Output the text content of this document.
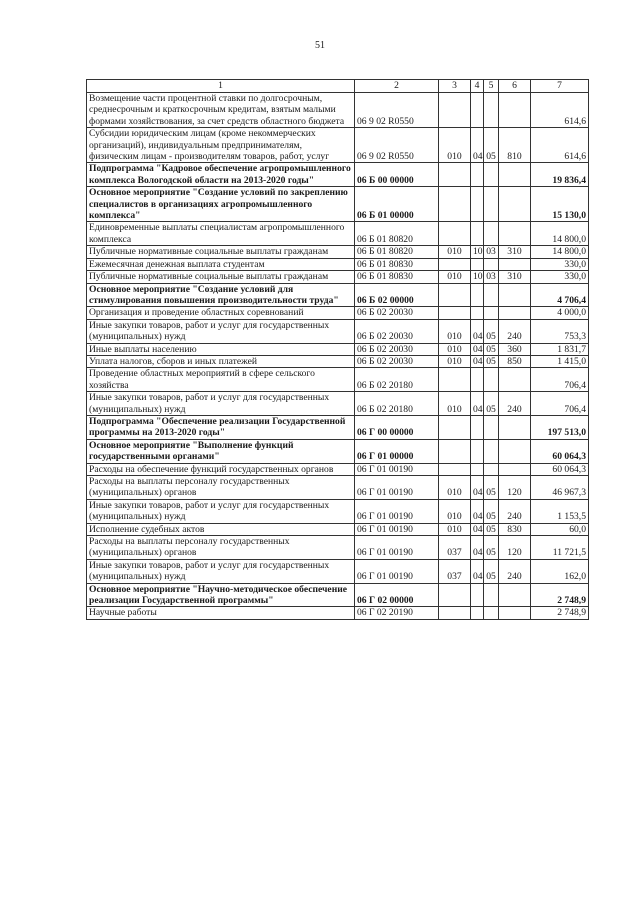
51
1	2	3	4	5	6	7
Возмещение части процентной ставки по долгосрочным, среднесрочным и краткосрочным кредитам, взятым малыми формами хозяйствования, за счет средств областного бюджета	06 9 02 R0550					614,6
Субсидии юридическим лицам (кроме некоммерческих организаций), индивидуальным предпринимателям, физическим лицам - производителям товаров, работ, услуг	06 9 02 R0550	010	04	05	810	614,6
Подпрограмма "Кадровое обеспечение агропромышленного комплекса Вологодской области на 2013-2020 годы"	06 Б 00 00000					19 836,4
Основное мероприятие "Создание условий по закреплению специалистов в организациях агропромышленного комплекса"	06 Б 01 00000					15 130,0
Единовременные выплаты специалистам агропромышленного комплекса	06 Б 01 80820					14 800,0
Публичные нормативные социальные выплаты гражданам	06 Б 01 80820	010	10	03	310	14 800,0
Ежемесячная денежная выплата студентам	06 Б 01 80830					330,0
Публичные нормативные социальные выплаты гражданам	06 Б 01 80830	010	10	03	310	330,0
Основное мероприятие "Создание условий для стимулирования повышения производительности труда"	06 Б 02 00000					4 706,4
Организация и проведение областных соревнований	06 Б 02 20030					4 000,0
Иные закупки товаров, работ и услуг для государственных (муниципальных) нужд	06 Б 02 20030	010	04	05	240	753,3
Иные выплаты населению	06 Б 02 20030	010	04	05	360	1 831,7
Уплата налогов, сборов и иных платежей	06 Б 02 20030	010	04	05	850	1 415,0
Проведение областных мероприятий в сфере сельского хозяйства	06 Б 02 20180					706,4
Иные закупки товаров, работ и услуг для государственных (муниципальных) нужд	06 Б 02 20180	010	04	05	240	706,4
Подпрограмма "Обеспечение реализации Государственной программы на 2013-2020 годы"	06 Г 00 00000					197 513,0
Основное мероприятие "Выполнение функций государственными органами"	06 Г 01 00000					60 064,3
Расходы на обеспечение функций государственных органов	06 Г 01 00190					60 064,3
Расходы на выплаты персоналу государственных (муниципальных) органов	06 Г 01 00190	010	04	05	120	46 967,3
Иные закупки товаров, работ и услуг для государственных (муниципальных) нужд	06 Г 01 00190	010	04	05	240	1 153,5
Исполнение судебных актов	06 Г 01 00190	010	04	05	830	60,0
Расходы на выплаты персоналу государственных (муниципальных) органов	06 Г 01 00190	037	04	05	120	11 721,5
Иные закупки товаров, работ и услуг для государственных (муниципальных) нужд	06 Г 01 00190	037	04	05	240	162,0
Основное мероприятие "Научно-методическое обеспечение реализации Государственной программы"	06 Г 02 00000					2 748,9
Научные работы	06 Г 02 20190					2 748,9
